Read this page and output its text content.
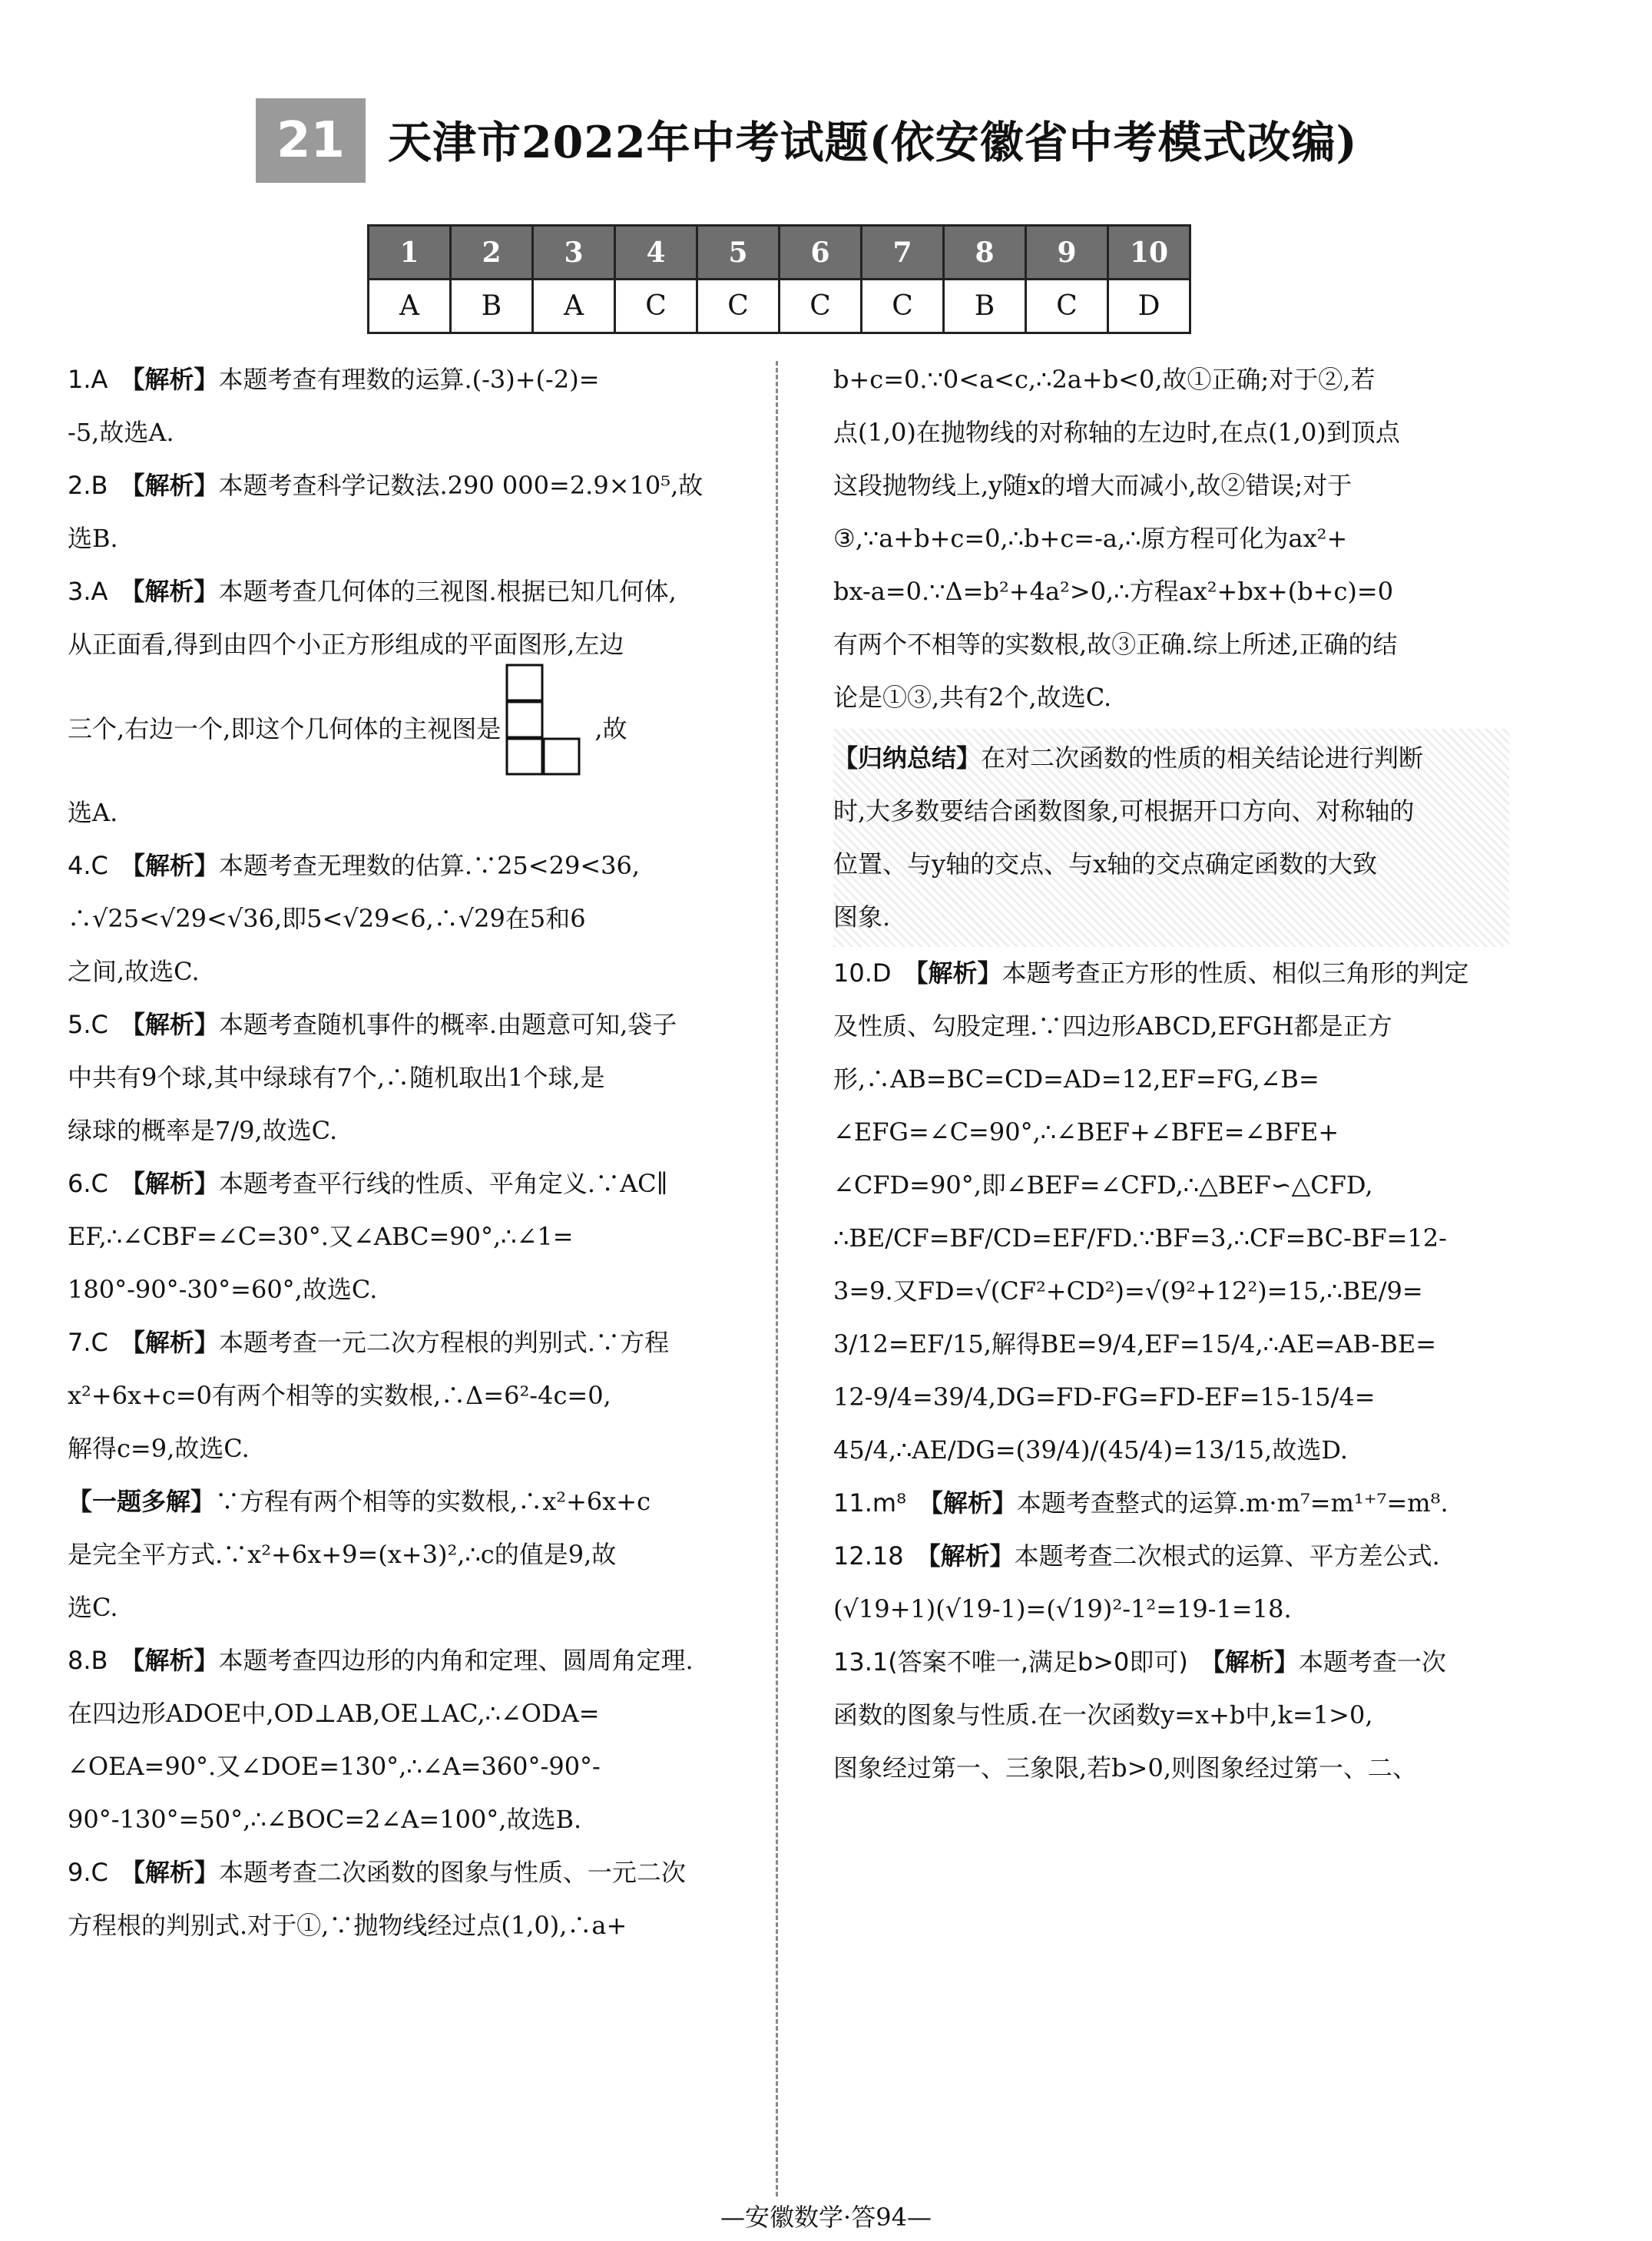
21 天津市2022年中考试题(依安徽省中考模式改编)
1	2	3	4	5	6	7	8	9	10
A	B	A	C	C	C	C	B	C	D
1.A 【解析】本题考查有理数的运算.(-3)+(-2)=
-5,故选A.
2.B 【解析】本题考查科学记数法.290 000=2.9×10⁵,故
选B.
3.A 【解析】本题考查几何体的三视图.根据已知几何体,
从正面看,得到由四个小正方形组成的平面图形,左边
三个,右边一个,即这个几何体的主视图是	,故
选A.
4.C 【解析】本题考查无理数的估算.∵25<29<36,
∴√25<√29<√36,即5<√29<6,∴√29在5和6
之间,故选C.
5.C 【解析】本题考查随机事件的概率.由题意可知,袋子
中共有9个球,其中绿球有7个,∴随机取出1个球,是
绿球的概率是7/9,故选C.
6.C 【解析】本题考查平行线的性质、平角定义.∵AC∥
EF,∴∠CBF=∠C=30°.又∠ABC=90°,∴∠1=
180°-90°-30°=60°,故选C.
7.C 【解析】本题考查一元二次方程根的判别式.∵方程
x²+6x+c=0有两个相等的实数根,∴Δ=6²-4c=0,
解得c=9,故选C.
【一题多解】∵方程有两个相等的实数根,∴x²+6x+c
是完全平方式.∵x²+6x+9=(x+3)²,∴c的值是9,故
选C.
8.B 【解析】本题考查四边形的内角和定理、圆周角定理.
在四边形ADOE中,OD⊥AB,OE⊥AC,∴∠ODA=
∠OEA=90°.又∠DOE=130°,∴∠A=360°-90°-
90°-130°=50°,∴∠BOC=2∠A=100°,故选B.
9.C 【解析】本题考查二次函数的图象与性质、一元二次
方程根的判别式.对于①,∵抛物线经过点(1,0),∴a+
b+c=0.∵0<a<c,∴2a+b<0,故①正确;对于②,若
点(1,0)在抛物线的对称轴的左边时,在点(1,0)到顶点
这段抛物线上,y随x的增大而减小,故②错误;对于
③,∵a+b+c=0,∴b+c=-a,∴原方程可化为ax²+
bx-a=0.∵Δ=b²+4a²>0,∴方程ax²+bx+(b+c)=0
有两个不相等的实数根,故③正确.综上所述,正确的结
论是①③,共有2个,故选C.
【归纳总结】在对二次函数的性质的相关结论进行判断
时,大多数要结合函数图象,可根据开口方向、对称轴的
位置、与y轴的交点、与x轴的交点确定函数的大致
图象.
10.D 【解析】本题考查正方形的性质、相似三角形的判定
及性质、勾股定理.∵四边形ABCD,EFGH都是正方
形,∴AB=BC=CD=AD=12,EF=FG,∠B=
∠EFG=∠C=90°,∴∠BEF+∠BFE=∠BFE+
∠CFD=90°,即∠BEF=∠CFD,∴△BEF∽△CFD,
∴BE/CF=BF/CD=EF/FD.∵BF=3,∴CF=BC-BF=12-
3=9.又FD=√(CF²+CD²)=√(9²+12²)=15,∴BE/9=
3/12=EF/15,解得BE=9/4,EF=15/4,∴AE=AB-BE=
12-9/4=39/4,DG=FD-FG=FD-EF=15-15/4=
45/4,∴AE/DG=(39/4)/(45/4)=13/15,故选D.
11.m⁸ 【解析】本题考查整式的运算.m·m⁷=m¹⁺⁷=m⁸.
12.18 【解析】本题考查二次根式的运算、平方差公式.
(√19+1)(√19-1)=(√19)²-1²=19-1=18.
13.1(答案不唯一,满足b>0即可) 【解析】本题考查一次
函数的图象与性质.在一次函数y=x+b中,k=1>0,
图象经过第一、三象限,若b>0,则图象经过第一、二、
—安徽数学·答94—
